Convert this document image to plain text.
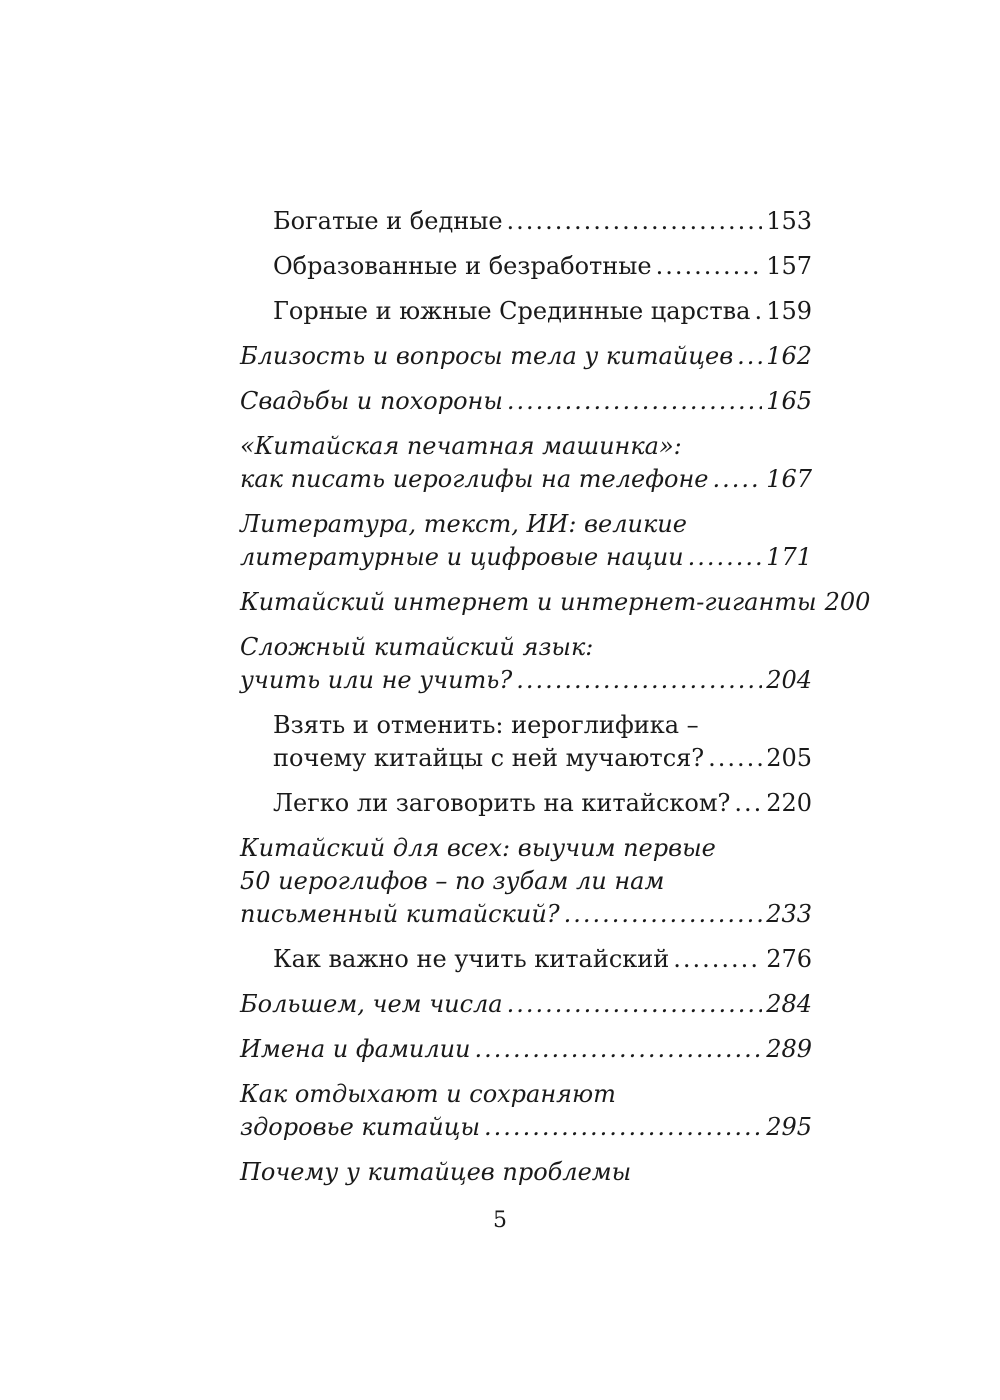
Богатые и бедные .....	153
Образованные и безработные .....	157
Горные и южные Срединные царства ..... 159
Близость и вопросы тела у китайцев ..... 162
Свадьбы и похороны .....	165
«Китайская печатная машинка»:
как писать иероглифы на телефоне ..... 167
Литература, текст, ИИ: великие
литературные и цифровые нации .....	171
Китайский интернет и интернет-гиганты 200
Сложный китайский язык:
учить или не учить? .....	204
Взять и отменить: иероглифика –
почему китайцы с ней мучаются? .....	205
Легко ли заговорить на китайском? ..... 220
Китайский для всех: выучим первые
50 иероглифов – по зубам ли нам
письменный китайский? .....	233
Как важно не учить китайский .....	276
Большем, чем числа .....	284
Имена и фамилии .....	289
Как отдыхают и сохраняют
здоровье китайцы .....	295
Почему у китайцев проблемы
5
